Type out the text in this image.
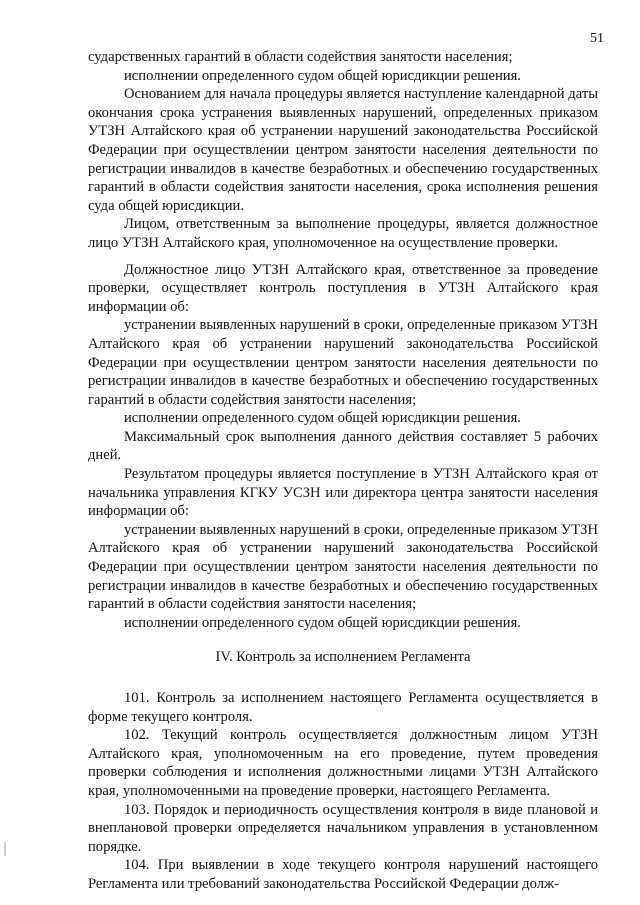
51

сударственных гарантий в области содействия занятости населения;

исполнении определенного судом общей юрисдикции решения.

Основанием для начала процедуры является наступление календарной даты окончания срока устранения выявленных нарушений, определенных приказом УТЗН Алтайского края об устранении нарушений законодательства Российской Федерации при осуществлении центром занятости населения деятельности по регистрации инвалидов в качестве безработных и обеспечению государственных гарантий в области содействия занятости населения, срока исполнения решения суда общей юрисдикции.

Лицом, ответственным за выполнение процедуры, является должностное лицо УТЗН Алтайского края, уполномоченное на осуществление проверки.

Должностное лицо УТЗН Алтайского края, ответственное за проведение проверки, осуществляет контроль поступления в УТЗН Алтайского края информации об:

устранении выявленных нарушений в сроки, определенные приказом УТЗН Алтайского края об устранении нарушений законодательства Российской Федерации при осуществлении центром занятости населения деятельности по регистрации инвалидов в качестве безработных и обеспечению государственных гарантий в области содействия занятости населения;

исполнении определенного судом общей юрисдикции решения.

Максимальный срок выполнения данного действия составляет 5 рабочих дней.

Результатом процедуры является поступление в УТЗН Алтайского края от начальника управления КГКУ УСЗН или директора центра занятости населения информации об:

устранении выявленных нарушений в сроки, определенные приказом УТЗН Алтайского края об устранении нарушений законодательства Российской Федерации при осуществлении центром занятости населения деятельности по регистрации инвалидов в качестве безработных и обеспечению государственных гарантий в области содействия занятости населения;

исполнении определенного судом общей юрисдикции решения.

IV. Контроль за исполнением Регламента

101. Контроль за исполнением настоящего Регламента осуществляется в форме текущего контроля.

102. Текущий контроль осуществляется должностным лицом УТЗН Алтайского края, уполномоченным на его проведение, путем проведения проверки соблюдения и исполнения должностными лицами УТЗН Алтайского края, уполномоченными на проведение проверки, настоящего Регламента.

103. Порядок и периодичность осуществления контроля в виде плановой и внеплановой проверки определяется начальником управления в установленном порядке.

104. При выявлении в ходе текущего контроля нарушений настоящего Регламента или требований законодательства Российской Федерации долж-
